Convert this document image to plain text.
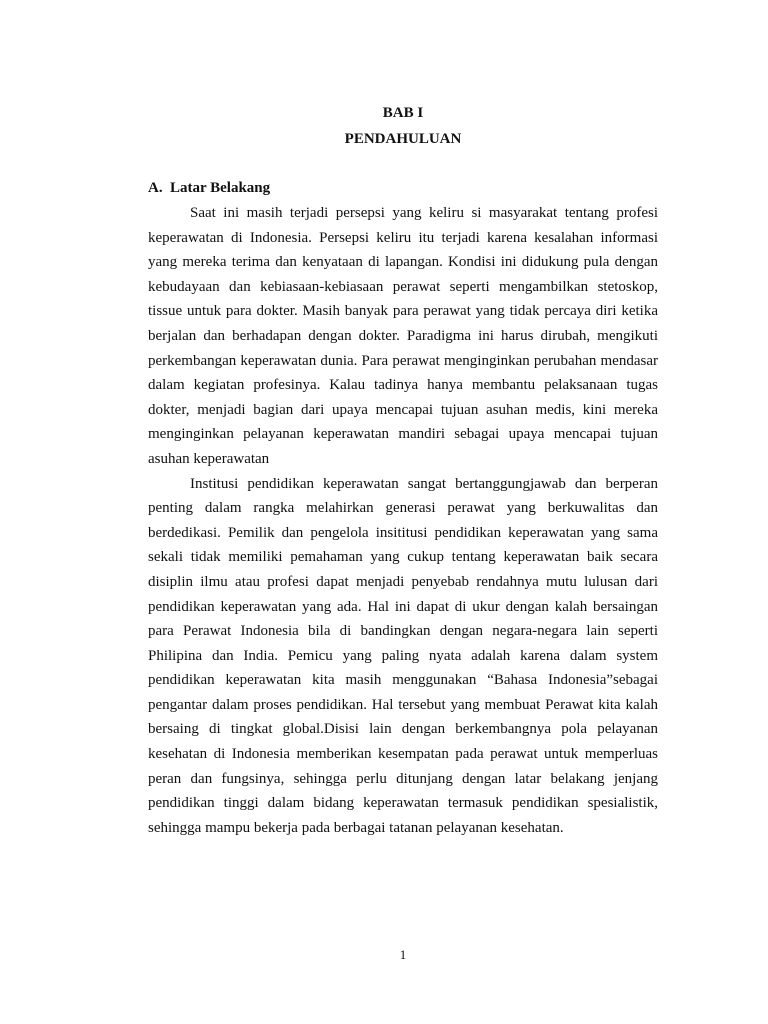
BAB I
PENDAHULUAN
A. Latar Belakang

Saat ini masih terjadi persepsi yang keliru si masyarakat tentang profesi keperawatan di Indonesia. Persepsi keliru itu terjadi karena kesalahan informasi yang mereka terima dan kenyataan di lapangan. Kondisi ini didukung pula dengan kebudayaan dan kebiasaan-kebiasaan perawat seperti mengambilkan stetoskop, tissue untuk para dokter. Masih banyak para perawat yang tidak percaya diri ketika berjalan dan berhadapan dengan dokter. Paradigma ini harus dirubah, mengikuti perkembangan keperawatan dunia. Para perawat menginginkan perubahan mendasar dalam kegiatan profesinya. Kalau tadinya hanya membantu pelaksanaan tugas dokter, menjadi bagian dari upaya mencapai tujuan asuhan medis, kini mereka menginginkan pelayanan keperawatan mandiri sebagai upaya mencapai tujuan asuhan keperawatan

Institusi pendidikan keperawatan sangat bertanggungjawab dan berperan penting dalam rangka melahirkan generasi perawat yang berkuwalitas dan berdedikasi. Pemilik dan pengelola insititusi pendidikan keperawatan yang sama sekali tidak memiliki pemahaman yang cukup tentang keperawatan baik secara disiplin ilmu atau profesi dapat menjadi penyebab rendahnya mutu lulusan dari pendidikan keperawatan yang ada. Hal ini dapat di ukur dengan kalah bersaingan para Perawat Indonesia bila di bandingkan dengan negara-negara lain seperti Philipina dan India. Pemicu yang paling nyata adalah karena dalam system pendidikan keperawatan kita masih menggunakan “Bahasa Indonesia”sebagai pengantar dalam proses pendidikan. Hal tersebut yang membuat Perawat kita kalah bersaing di tingkat global.Disisi lain dengan berkembangnya pola pelayanan kesehatan di Indonesia memberikan kesempatan pada perawat untuk memperluas peran dan fungsinya, sehingga perlu ditunjang dengan latar belakang jenjang pendidikan tinggi dalam bidang keperawatan termasuk pendidikan spesialistik, sehingga mampu bekerja pada berbagai tatanan pelayanan kesehatan.

1
